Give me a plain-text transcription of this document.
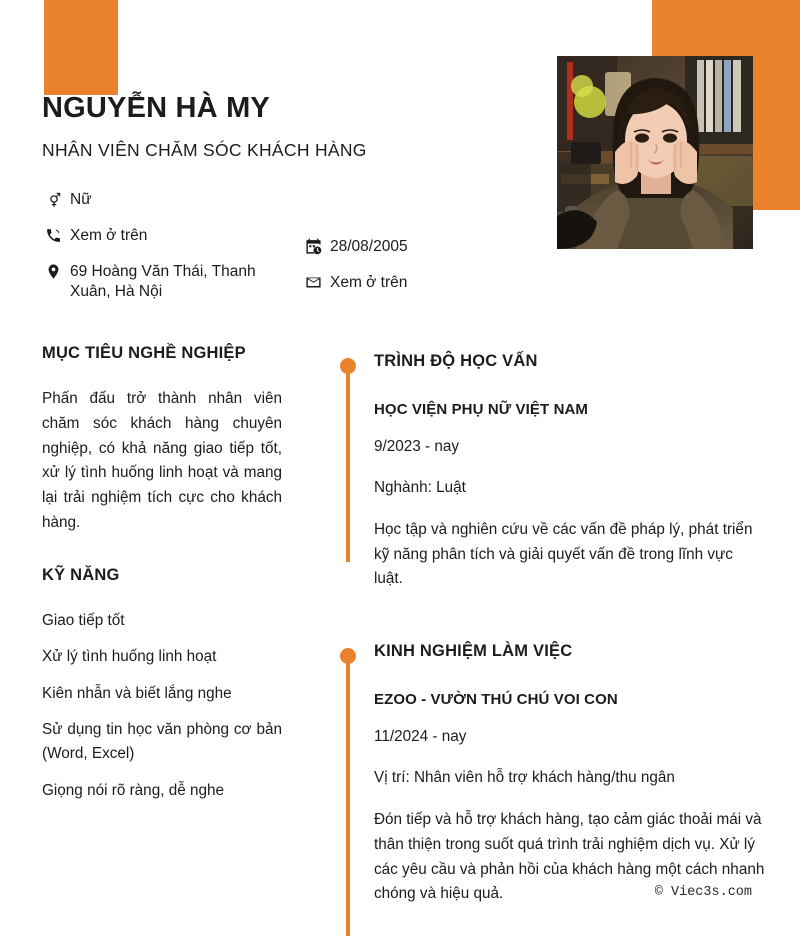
NGUYỄN HÀ MY
NHÂN VIÊN CHĂM SÓC KHÁCH HÀNG
Nữ
Xem ở trên
69 Hoàng Văn Thái, Thanh Xuân, Hà Nội
28/08/2005
Xem ở trên
MỤC TIÊU NGHỀ NGHIỆP

Phấn đấu trở thành nhân viên chăm sóc khách hàng chuyên nghiệp, có khả năng giao tiếp tốt, xử lý tình huống linh hoạt và mang lại trải nghiệm tích cực cho khách hàng.

KỸ NĂNG
Giao tiếp tốt
Xử lý tình huống linh hoạt
Kiên nhẫn và biết lắng nghe
Sử dụng tin học văn phòng cơ bản (Word, Excel)
Giọng nói rõ ràng, dễ nghe
TRÌNH ĐỘ HỌC VẤN
HỌC VIỆN PHỤ NỮ VIỆT NAM
9/2023 - nay
Nghành: Luật

Học tập và nghiên cứu về các vấn đề pháp lý, phát triển kỹ năng phân tích và giải quyết vấn đề trong lĩnh vực luật.

KINH NGHIỆM LÀM VIỆC
EZOO - VƯỜN THÚ CHÚ VOI CON
11/2024 - nay
Vị trí: Nhân viên hỗ trợ khách hàng/thu ngân

Đón tiếp và hỗ trợ khách hàng, tạo cảm giác thoải mái và thân thiện trong suốt quá trình trải nghiệm dịch vụ. Xử lý các yêu cầu và phản hồi của khách hàng một cách nhanh chóng và hiệu quả.	© Viec3s.com
